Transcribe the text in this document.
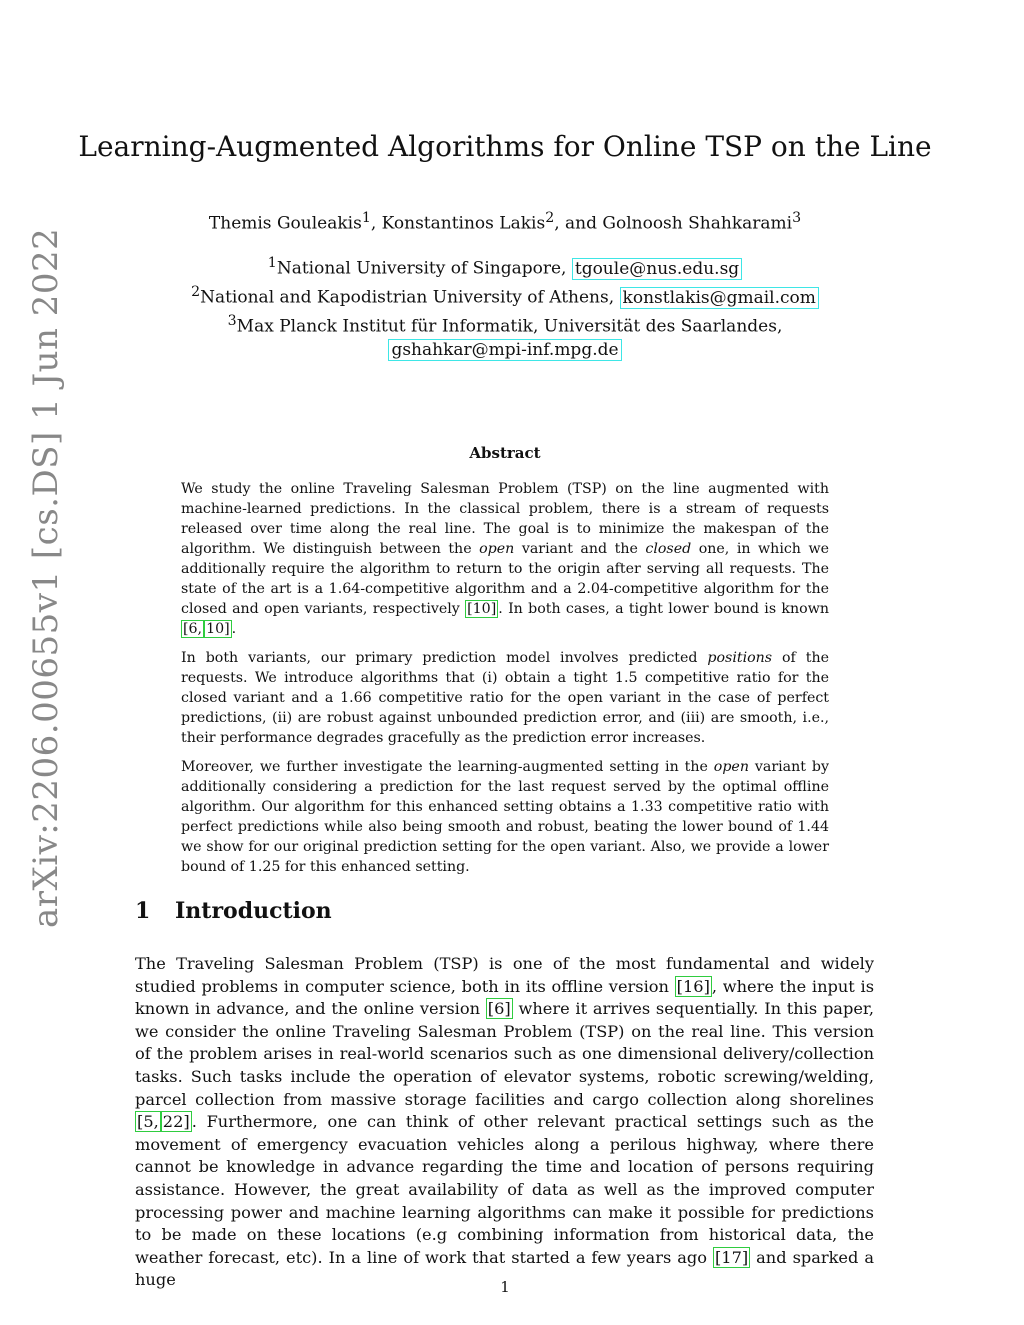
arXiv:2206.00655v1 [cs.DS] 1 Jun 2022
Learning-Augmented Algorithms for Online TSP on the Line
Themis Gouleakis$^1$, Konstantinos Lakis$^2$, and Golnoosh Shahkarami$^3$
$^1$National University of Singapore, tgoule@nus.edu.sg
$^2$National and Kapodistrian University of Athens, konstlakis@gmail.com
$^3$Max Planck Institut für Informatik, Universität des Saarlandes,
gshahkar@mpi-inf.mpg.de
Abstract

We study the online Traveling Salesman Problem (TSP) on the line augmented with machine-learned predictions. In the classical problem, there is a stream of requests released over time along the real line. The goal is to minimize the makespan of the algorithm. We distinguish between the open variant and the closed one, in which we additionally require the algorithm to return to the origin after serving all requests. The state of the art is a 1.64-competitive algorithm and a 2.04-competitive algorithm for the closed and open variants, respectively [10] . In both cases, a tight lower bound is known [6, 10] .

In both variants, our primary prediction model involves predicted positions of the requests. We introduce algorithms that (i) obtain a tight 1.5 competitive ratio for the closed variant and a 1.66 competitive ratio for the open variant in the case of perfect predictions, (ii) are robust against unbounded prediction error, and (iii) are smooth, i.e., their performance degrades gracefully as the prediction error increases.

Moreover, we further investigate the learning-augmented setting in the open variant by additionally considering a prediction for the last request served by the optimal offline algorithm. Our algorithm for this enhanced setting obtains a 1.33 competitive ratio with perfect predictions while also being smooth and robust, beating the lower bound of 1.44 we show for our original prediction setting for the open variant. Also, we provide a lower bound of 1.25 for this enhanced setting.

1 Introduction

The Traveling Salesman Problem (TSP) is one of the most fundamental and widely studied problems in computer science, both in its offline version [16] , where the input is known in advance, and the online version [6] where it arrives sequentially. In this paper, we consider the online Traveling Salesman Problem (TSP) on the real line. This version of the problem arises in real-world scenarios such as one dimensional delivery/collection tasks. Such tasks include the operation of elevator systems, robotic screwing/welding, parcel collection from massive storage facilities and cargo collection along shorelines [5, 22] . Furthermore, one can think of other relevant practical settings such as the movement of emergency evacuation vehicles along a perilous highway, where there cannot be knowledge in advance regarding the time and location of persons requiring assistance. However, the great availability of data as well as the improved computer processing power and machine learning algorithms can make it possible for predictions to be made on these locations (e.g combining information from historical data, the weather forecast, etc). In a line of work that started a few years ago [17] and sparked a huge	1
